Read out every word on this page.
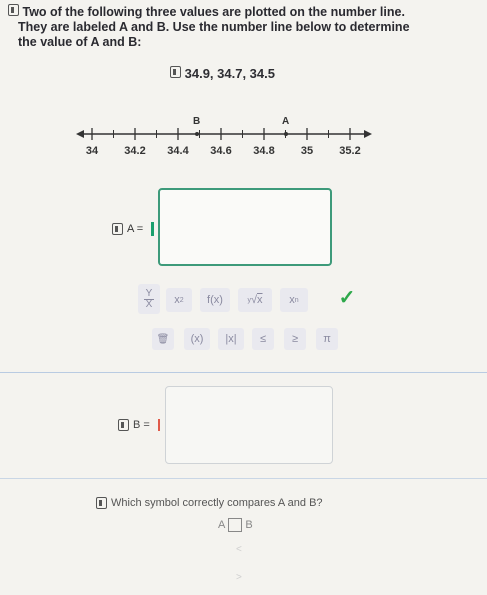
Two of the following three values are plotted on the number line.
They are labeled A and B. Use the number line below to determine
the value of A and B:
34.9, 34.7, 34.5
34 34.2 34.4 34.6 34.8 35 35.2
A
B
A =
Y
X x 2 f(x)	y √ x x n ✓
🗑 (x) |x| ≤ ≥ π
B =
Which symbol correctly compares A and B?
A B
<
>
